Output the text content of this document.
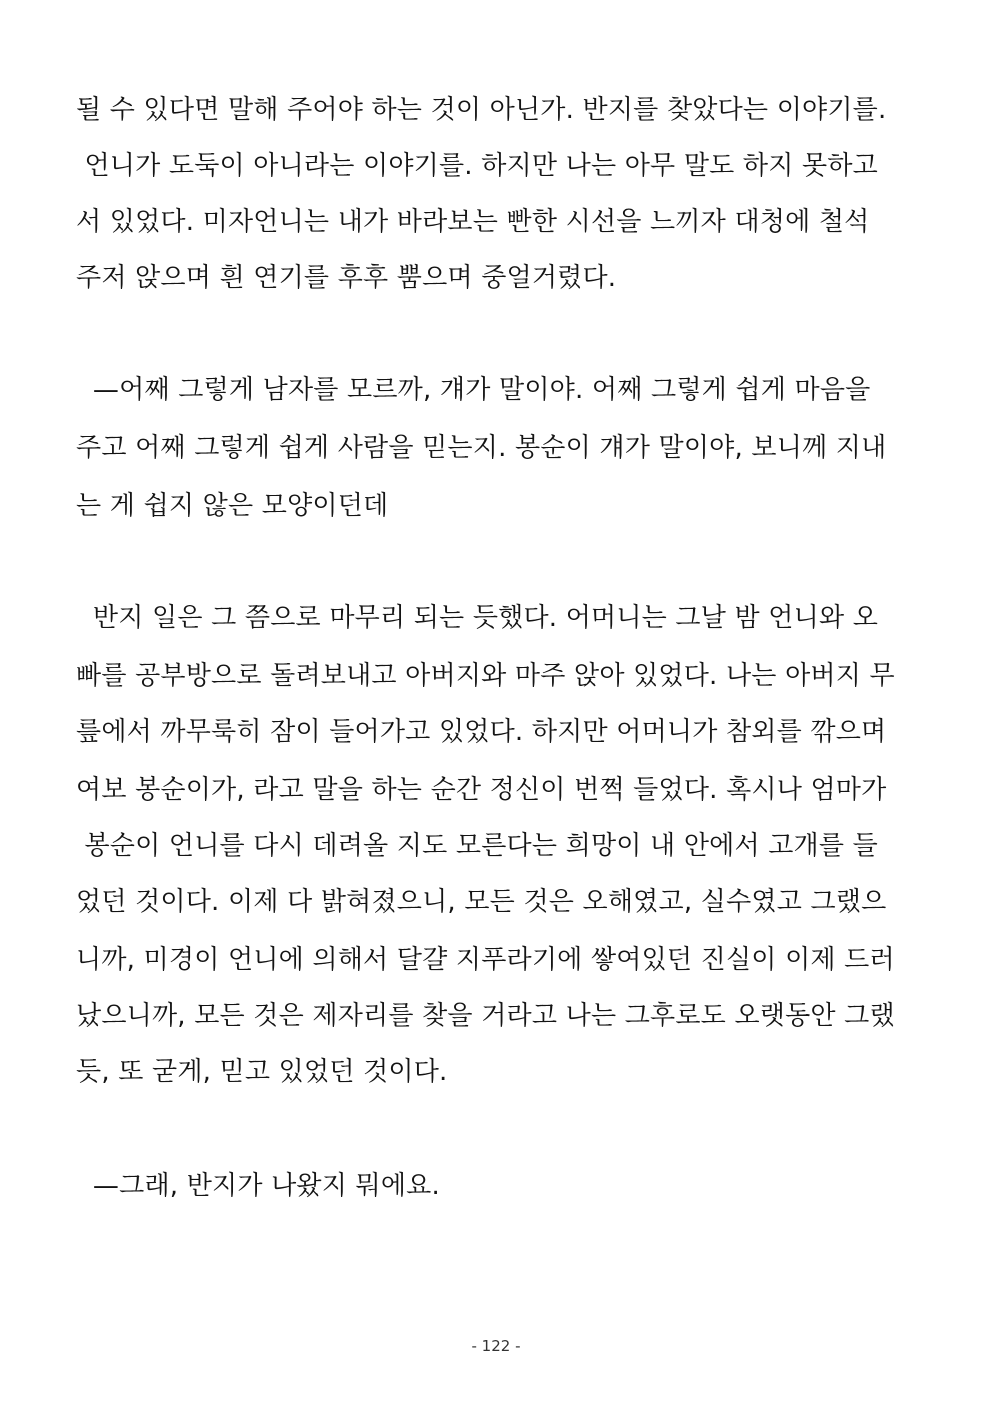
될 수 있다면 말해 주어야 하는 것이 아닌가. 반지를 찾았다는 이야기를.
언니가 도둑이 아니라는 이야기를. 하지만 나는 아무 말도 하지 못하고
서 있었다. 미자언니는 내가 바라보는 빤한 시선을 느끼자 대청에 철석
주저 앉으며 흰 연기를 후후 뿜으며 중얼거렸다.
—어째 그렇게 남자를 모르까, 걔가 말이야. 어째 그렇게 쉽게 마음을
주고 어째 그렇게 쉽게 사람을 믿는지. 봉순이 걔가 말이야, 보니께 지내
는 게 쉽지 않은 모양이던데
반지 일은 그 쯤으로 마무리 되는 듯했다. 어머니는 그날 밤 언니와 오
빠를 공부방으로 돌려보내고 아버지와 마주 앉아 있었다. 나는 아버지 무
릎에서 까무룩히 잠이 들어가고 있었다. 하지만 어머니가 참외를 깎으며
여보 봉순이가, 라고 말을 하는 순간 정신이 번쩍 들었다. 혹시나 엄마가
봉순이 언니를 다시 데려올 지도 모른다는 희망이 내 안에서 고개를 들
었던 것이다. 이제 다 밝혀졌으니, 모든 것은 오해였고, 실수였고 그랬으
니까, 미경이 언니에 의해서 달걀 지푸라기에 쌓여있던 진실이 이제 드러
났으니까, 모든 것은 제자리를 찾을 거라고 나는 그후로도 오랫동안 그랬
듯, 또 굳게, 믿고 있었던 것이다.
—그래, 반지가 나왔지 뭐에요.
- 122 -
